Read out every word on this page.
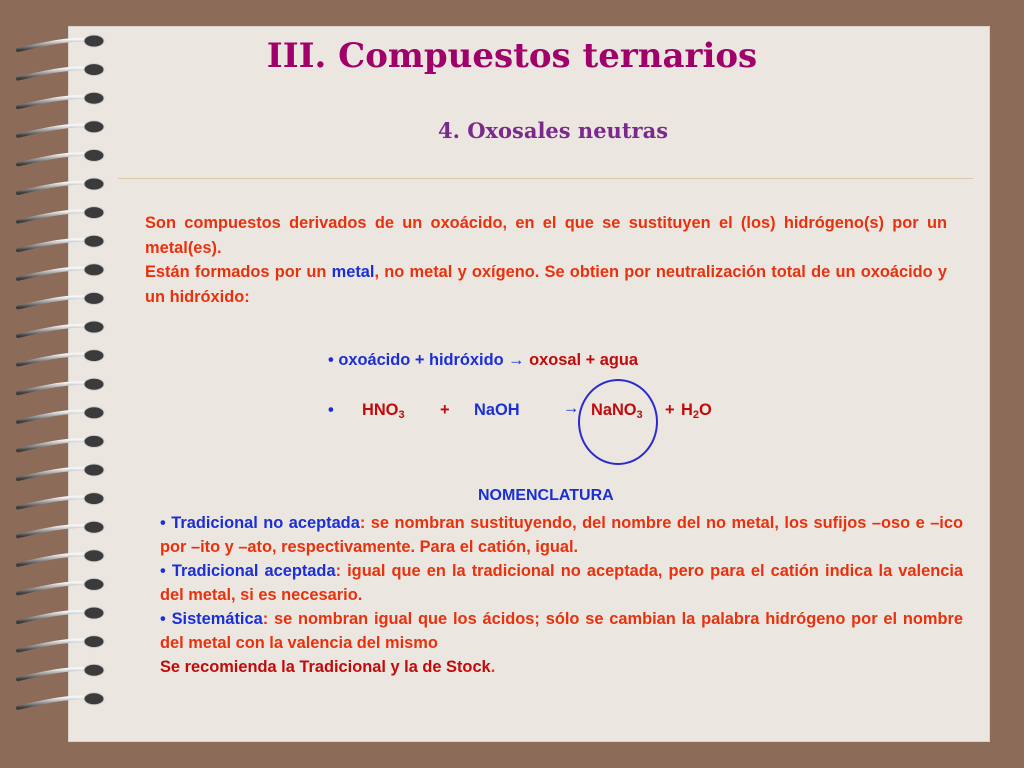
III. Compuestos ternarios
4. Oxosales neutras

Son compuestos derivados de un oxoácido, en el que se sustituyen el (los) hidrógeno(s) por un metal(es).
Están formados por un metal, no metal y oxígeno. Se obtien por neutralización total de un oxoácido y un hidróxido:

• oxoácido + hidróxido → oxosal + agua
• $HNO_3$ + NaOH	→ NaNO$_3$ + $H_2O$
NOMENCLATURA

• Tradicional no aceptada: se nombran sustituyendo, del nombre del no metal, los sufijos –oso e –ico por –ito y –ato, respectivamente. Para el catión, igual.

• Tradicional aceptada: igual que en la tradicional no aceptada, pero para el catión indica la valencia del metal, si es necesario.

• Sistemática: se nombran igual que los ácidos; sólo se cambian la palabra hidrógeno por el nombre del metal con la valencia del mismo

Se recomienda la Tradicional y la de Stock.
